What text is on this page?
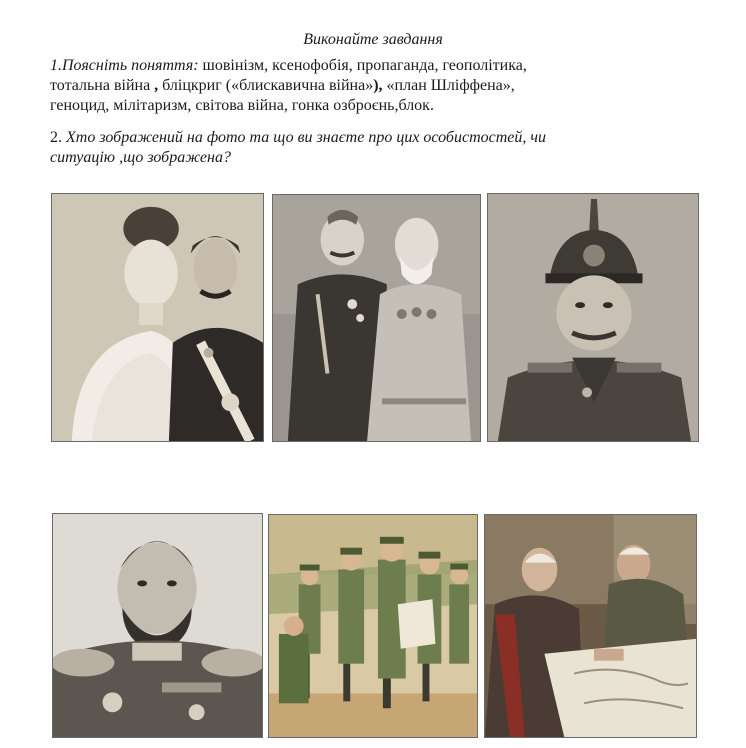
Виконайте завдання
1.Поясніть поняття: шовінізм, ксенофобія, пропаганда, геополітика,
тотальна війна , бліцкриг («блискавична війна»), «план Шліффена»,
геноцид, мілітаризм, світова війна, гонка озброєнь,блок.
2. Хто зображений на фото та що ви знаєте про цих особистостей, чи
ситуацію ,що зображена?
